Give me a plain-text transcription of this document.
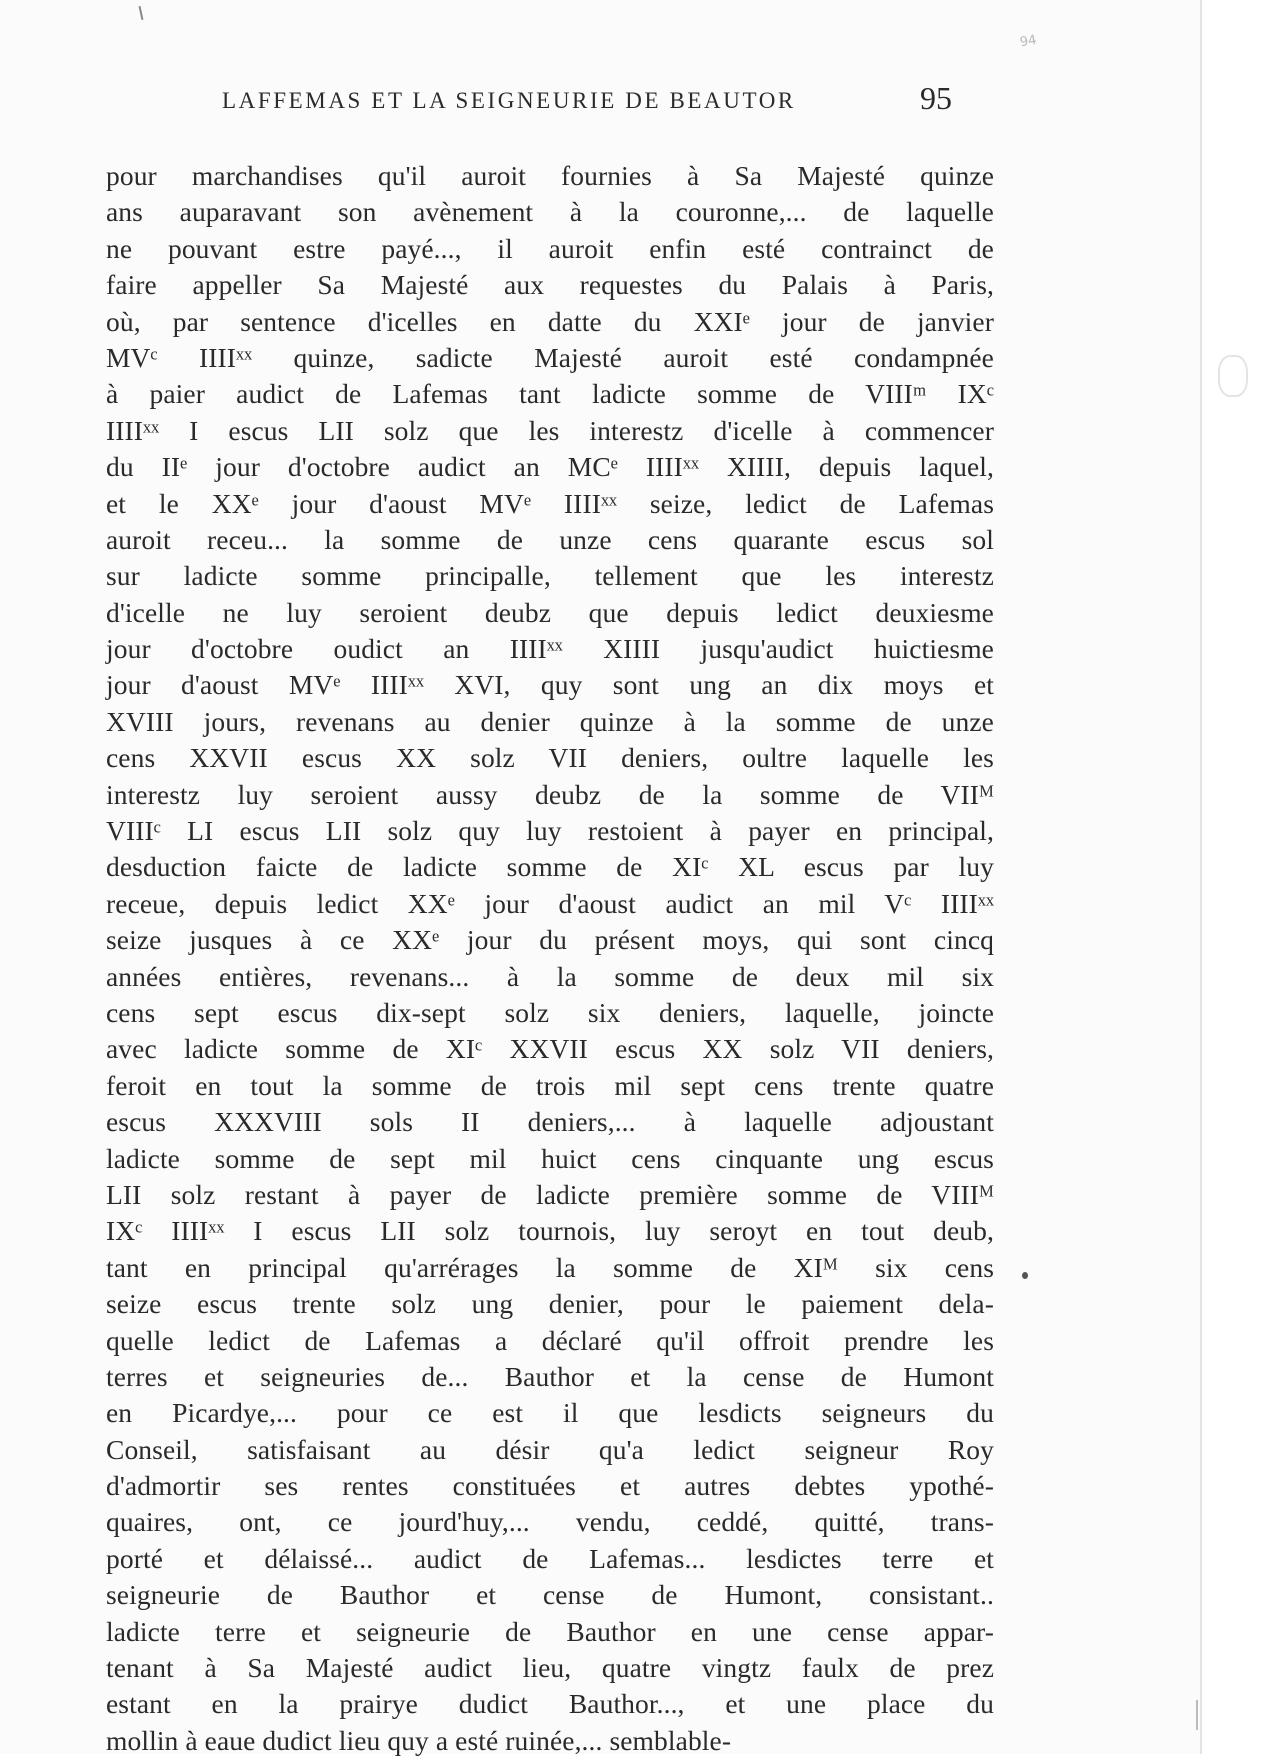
94
LAFFEMAS ET LA SEIGNEURIE DE BEAUTOR	95
pour marchandises qu'il auroit fournies à Sa Majesté quinze
ans auparavant son avènement à la couronne,... de laquelle
ne pouvant estre payé..., il auroit enfin esté contrainct de
faire appeller Sa Majesté aux requestes du Palais à Paris,
où, par sentence d'icelles en datte du XXIᵉ jour de janvier
MVᶜ IIIIˣˣ quinze, sadicte Majesté auroit esté condampnée
à paier audict de Lafemas tant ladicte somme de VIIIᵐ IXᶜ
IIIIˣˣ I escus LII solz que les interestz d'icelle à commencer
du IIᵉ jour d'octobre audict an MCᵉ IIIIˣˣ XIIII, depuis laquel,
et le XXᵉ jour d'aoust MVᵉ IIIIˣˣ seize, ledict de Lafemas
auroit receu... la somme de unze cens quarante escus sol
sur ladicte somme principalle, tellement que les interestz
d'icelle ne luy seroient deubz que depuis ledict deuxiesme
jour d'octobre oudict an IIIIˣˣ XIIII jusqu'audict huictiesme
jour d'aoust MVᵉ IIIIˣˣ XVI, quy sont ung an dix moys et
XVIII jours, revenans au denier quinze à la somme de unze
cens XXVII escus XX solz VII deniers, oultre laquelle les
interestz luy seroient aussy deubz de la somme de VIIᴹ
VIIIᶜ LI escus LII solz quy luy restoient à payer en principal,
desduction faicte de ladicte somme de XIᶜ XL escus par luy
receue, depuis ledict XXᵉ jour d'aoust audict an mil Vᶜ IIIIˣˣ
seize jusques à ce XXᵉ jour du présent moys, qui sont cincq
années entières, revenans... à la somme de deux mil six
cens sept escus dix-sept solz six deniers, laquelle, joincte
avec ladicte somme de XIᶜ XXVII escus XX solz VII deniers,
feroit en tout la somme de trois mil sept cens trente quatre
escus XXXVIII sols II deniers,... à laquelle adjoustant
ladicte somme de sept mil huict cens cinquante ung escus
LII solz restant à payer de ladicte première somme de VIIIᴹ
IXᶜ IIIIˣˣ I escus LII solz tournois, luy seroyt en tout deub,
tant en principal qu'arrérages la somme de XIᴹ six cens
seize escus trente solz ung denier, pour le paiement dela-
quelle ledict de Lafemas a déclaré qu'il offroit prendre les
terres et seigneuries de... Bauthor et la cense de Humont
en Picardye,... pour ce est il que lesdicts seigneurs du
Conseil, satisfaisant au désir qu'a ledict seigneur Roy
d'admortir ses rentes constituées et autres debtes ypothé-
quaires, ont, ce jourd'huy,... vendu, ceddé, quitté, trans-
porté et délaissé... audict de Lafemas... lesdictes terre et
seigneurie de Bauthor et cense de Humont, consistant..
ladicte terre et seigneurie de Bauthor en une cense appar-
tenant à Sa Majesté audict lieu, quatre vingtz faulx de prez
estant en la prairye dudict Bauthor..., et une place du
mollin à eaue dudict lieu quy a esté ruinée,... semblable-
